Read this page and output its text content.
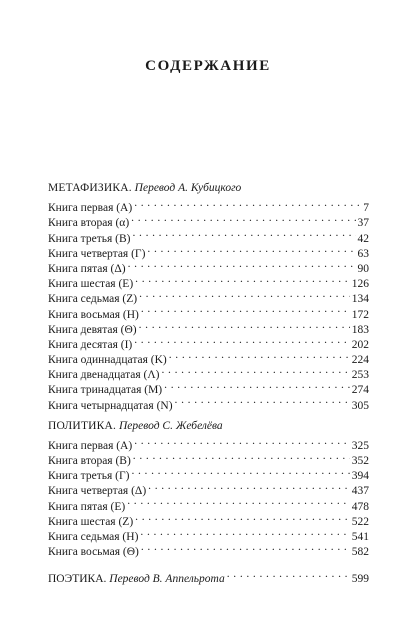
СОДЕРЖАНИЕ
МЕТАФИЗИКА. Перевод А. Кубицкого
Книга первая (А) . . .	7
Книга вторая (α) . . .	37
Книга третья (В) . . .	42
Книга четвертая (Г) . . .	63
Книга пятая (Δ) . . .	90
Книга шестая (E) . . .	126
Книга седьмая (Z) . . .	134
Книга восьмая (H) . . .	172
Книга девятая (Θ) . . .	183
Книга десятая (I) . . .	202
Книга одиннадцатая (K) . . .	224
Книга двенадцатая (Λ) . . .	253
Книга тринадцатая (M) . . .	274
Книга четырнадцатая (N) . . .	305
ПОЛИТИКА. Перевод С. Жебелёва
Книга первая (A) . . .	325
Книга вторая (B) . . .	352
Книга третья (Г) . . .	394
Книга четвертая (Δ) . . .	437
Книга пятая (E) . . .	478
Книга шестая (Z) . . .	522
Книга седьмая (H) . . .	541
Книга восьмая (Θ) . . .	582
ПОЭТИКА. Перевод В. Аппельрота . . .	599
